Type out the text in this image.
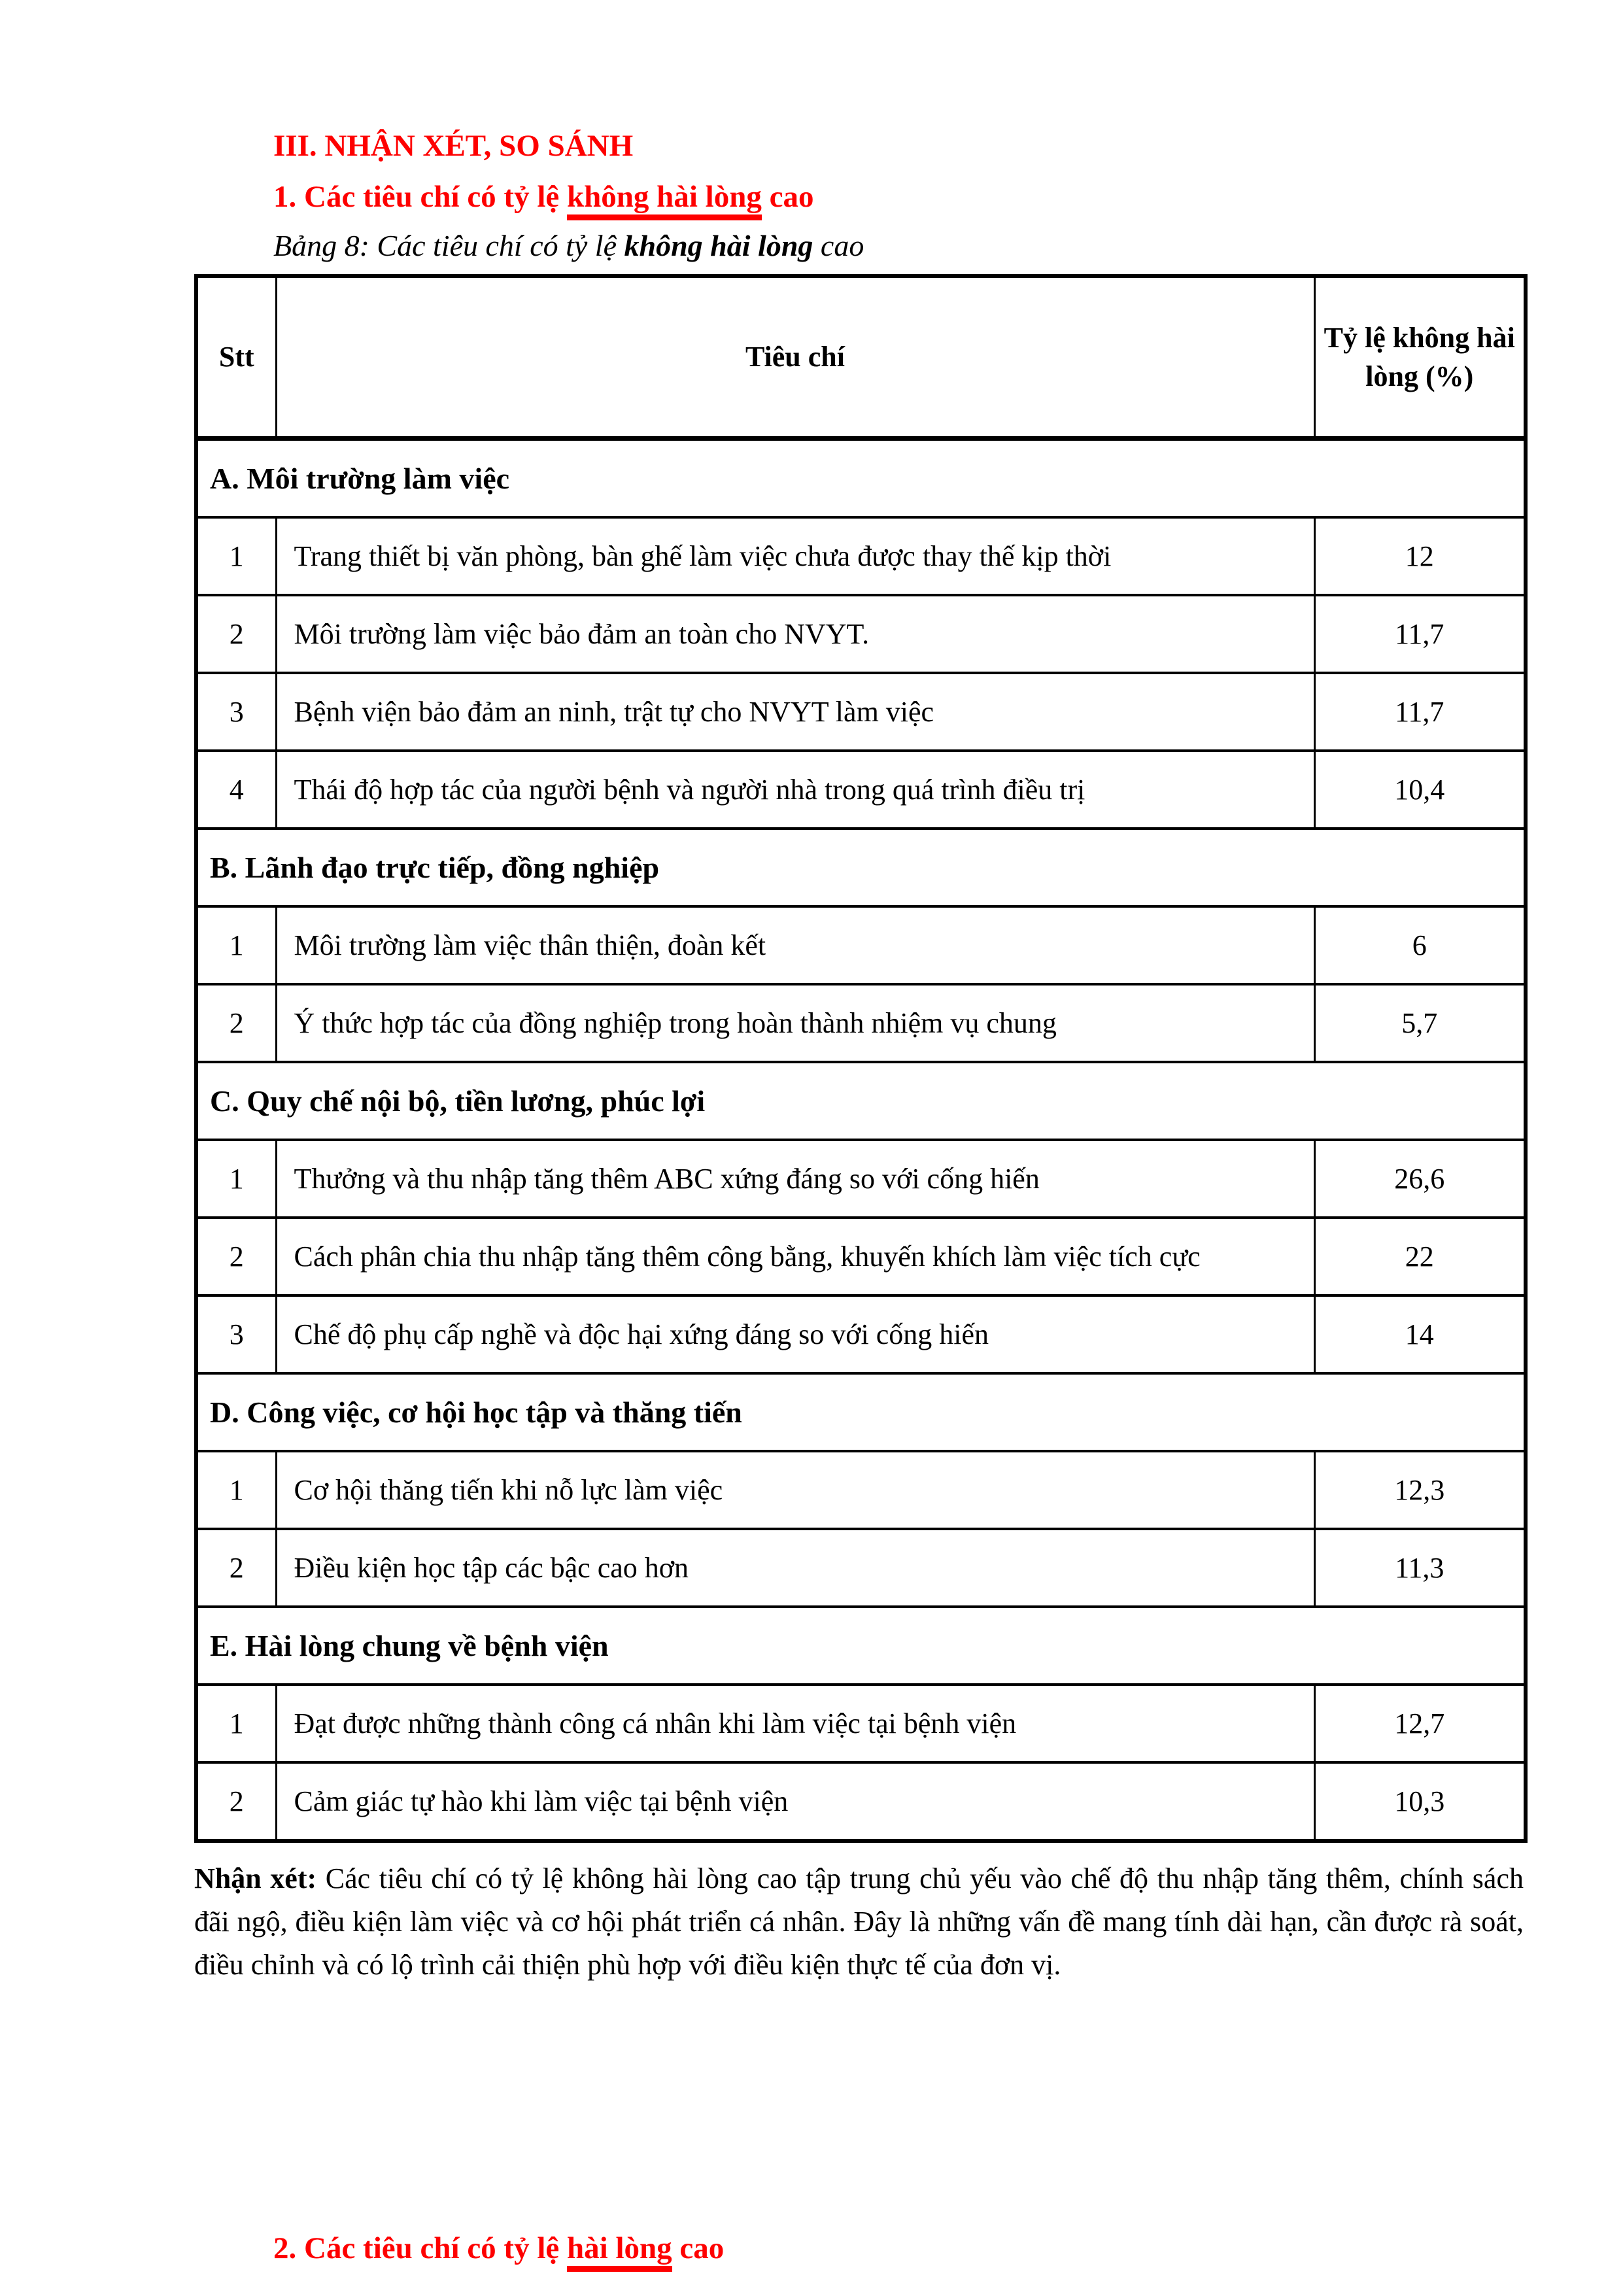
III. NHẬN XÉT, SO SÁNH
1. Các tiêu chí có tỷ lệ không hài lòng cao

Bảng 8: Các tiêu chí có tỷ lệ không hài lòng cao

Stt	Tiêu chí	Tỷ lệ không hài lòng (%)
A. Môi trường làm việc		
1	Trang thiết bị văn phòng, bàn ghế làm việc chưa được thay thế kịp thời	12
2	Môi trường làm việc bảo đảm an toàn cho NVYT.	11,7
3	Bệnh viện bảo đảm an ninh, trật tự cho NVYT làm việc	11,7
4	Thái độ hợp tác của người bệnh và người nhà trong quá trình điều trị	10,4
B. Lãnh đạo trực tiếp, đồng nghiệp		
1	Môi trường làm việc thân thiện, đoàn kết	6
2	Ý thức hợp tác của đồng nghiệp trong hoàn thành nhiệm vụ chung	5,7
C. Quy chế nội bộ, tiền lương, phúc lợi		
1	Thưởng và thu nhập tăng thêm ABC xứng đáng so với cống hiến	26,6
2	Cách phân chia thu nhập tăng thêm công bằng, khuyến khích làm việc tích cực	22
3	Chế độ phụ cấp nghề và độc hại xứng đáng so với cống hiến	14
D. Công việc, cơ hội học tập và thăng tiến		
1	Cơ hội thăng tiến khi nỗ lực làm việc	12,3
2	Điều kiện học tập các bậc cao hơn	11,3
E. Hài lòng chung về bệnh viện		
1	Đạt được những thành công cá nhân khi làm việc tại bệnh viện	12,7
2	Cảm giác tự hào khi làm việc tại bệnh viện	10,3

Nhận xét: Các tiêu chí có tỷ lệ không hài lòng cao tập trung chủ yếu vào chế độ thu nhập tăng thêm, chính sách đãi ngộ, điều kiện làm việc và cơ hội phát triển cá nhân. Đây là những vấn đề mang tính dài hạn, cần được rà soát, điều chỉnh và có lộ trình cải thiện phù hợp với điều kiện thực tế của đơn vị.

2. Các tiêu chí có tỷ lệ hài lòng cao
